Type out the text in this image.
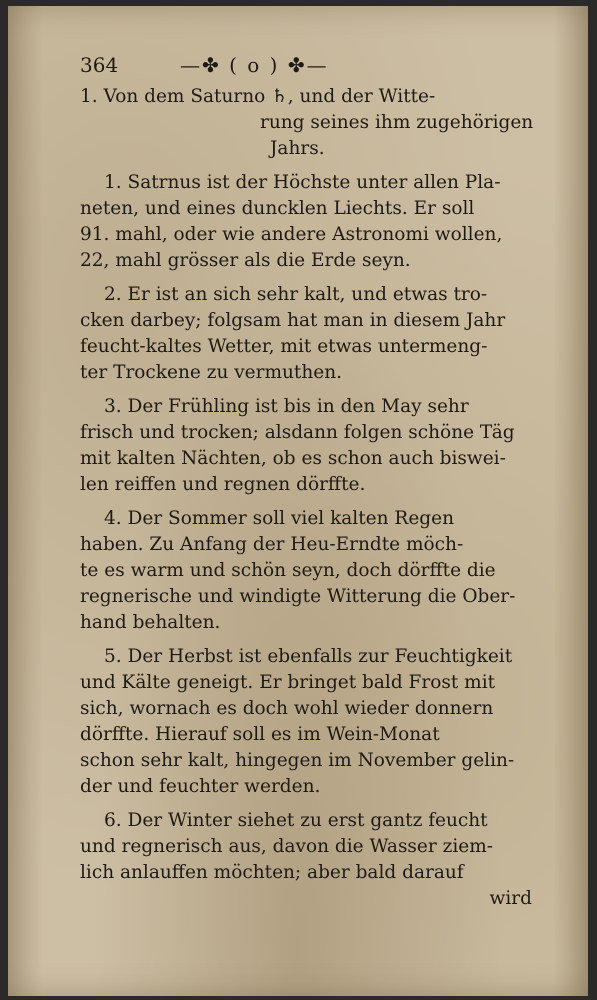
364	—✤ ( o ) ✤—
1. Von dem Saturno ♄, und der Witte-
rung seines ihm zugehörigen
Jahrs.
1. Satrnus ist der Höchste unter allen Pla-
neten, und eines duncklen Liechts. Er soll
91. mahl, oder wie andere Astronomi wollen,
22, mahl grösser als die Erde seyn.
2. Er ist an sich sehr kalt, und etwas tro-
cken darbey; folgsam hat man in diesem Jahr
feucht-kaltes Wetter, mit etwas untermeng-
ter Trockene zu vermuthen.
3. Der Frühling ist bis in den May sehr
frisch und trocken; alsdann folgen schöne Täg
mit kalten Nächten, ob es schon auch biswei-
len reiffen und regnen dörffte.
4. Der Sommer soll viel kalten Regen
haben. Zu Anfang der Heu-Erndte möch-
te es warm und schön seyn, doch dörffte die
regnerische und windigte Witterung die Ober-
hand behalten.
5. Der Herbst ist ebenfalls zur Feuchtigkeit
und Kälte geneigt. Er bringet bald Frost mit
sich, wornach es doch wohl wieder donnern
dörffte. Hierauf soll es im Wein-Monat
schon sehr kalt, hingegen im November gelin-
der und feuchter werden.
6. Der Winter siehet zu erst gantz feucht
und regnerisch aus, davon die Wasser ziem-
lich anlauffen möchten; aber bald darauf
wird
